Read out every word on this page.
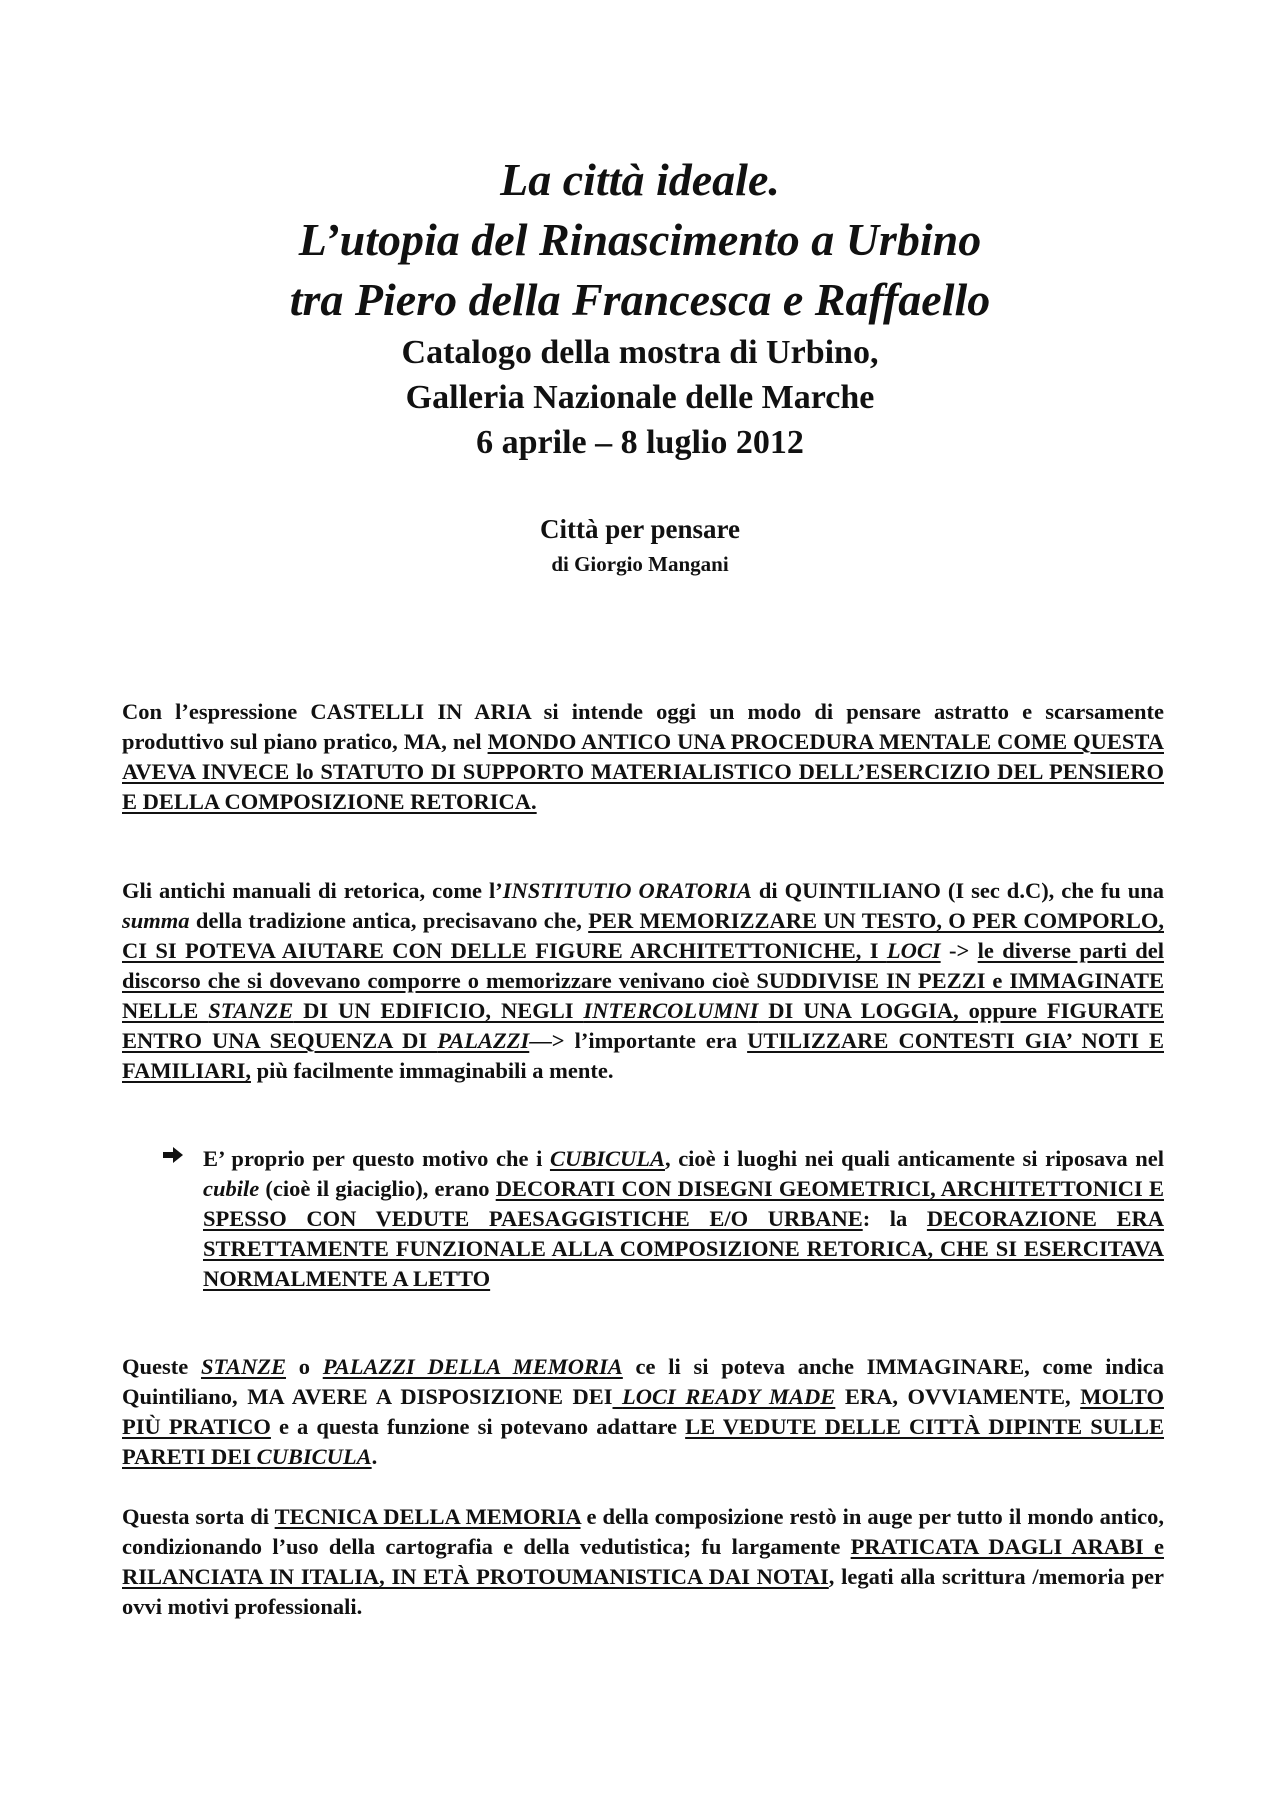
La città ideale.

L’utopia del Rinascimento a Urbino

tra Piero della Francesca e Raffaello

Catalogo della mostra di Urbino,

Galleria Nazionale delle Marche

6 aprile – 8 luglio 2012

Città per pensare

di Giorgio Mangani

Con l’espressione CASTELLI IN ARIA si intende oggi un modo di pensare astratto e scarsamente produttivo sul piano pratico, MA, nel MONDO ANTICO UNA PROCEDURA MENTALE COME QUESTA AVEVA INVECE lo STATUTO DI SUPPORTO MATERIALISTICO DELL’ESERCIZIO DEL PENSIERO E DELLA COMPOSIZIONE RETORICA.

Gli antichi manuali di retorica, come l’INSTITUTIO ORATORIA di QUINTILIANO (I sec d.C), che fu una summa della tradizione antica, precisavano che, PER MEMORIZZARE UN TESTO, O PER COMPORLO, CI SI POTEVA AIUTARE CON DELLE FIGURE ARCHITETTONICHE, I LOCI -> le diverse parti del discorso che si dovevano comporre o memorizzare venivano cioè SUDDIVISE IN PEZZI e IMMAGINATE NELLE STANZE DI UN EDIFICIO, NEGLI INTERCOLUMNI DI UNA LOGGIA, oppure FIGURATE ENTRO UNA SEQUENZA DI PALAZZI—> l’importante era UTILIZZARE CONTESTI GIA’ NOTI E FAMILIARI, più facilmente immaginabili a mente.

E’ proprio per questo motivo che i CUBICULA, cioè i luoghi nei quali anticamente si riposava nel cubile (cioè il giaciglio), erano DECORATI CON DISEGNI GEOMETRICI, ARCHITETTONICI E SPESSO CON VEDUTE PAESAGGISTICHE E/O URBANE: la DECORAZIONE ERA STRETTAMENTE FUNZIONALE ALLA COMPOSIZIONE RETORICA, CHE SI ESERCITAVA NORMALMENTE A LETTO

Queste STANZE o PALAZZI DELLA MEMORIA ce li si poteva anche IMMAGINARE, come indica Quintiliano, MA AVERE A DISPOSIZIONE DEI LOCI READY MADE ERA, OVVIAMENTE, MOLTO PIÙ PRATICO e a questa funzione si potevano adattare LE VEDUTE DELLE CITTÀ DIPINTE SULLE PARETI DEI CUBICULA.

Questa sorta di TECNICA DELLA MEMORIA e della composizione restò in auge per tutto il mondo antico, condizionando l’uso della cartografia e della vedutistica; fu largamente PRATICATA DAGLI ARABI e RILANCIATA IN ITALIA, IN ETÀ PROTOUMANISTICA DAI NOTAI, legati alla scrittura /memoria per ovvi motivi professionali.
